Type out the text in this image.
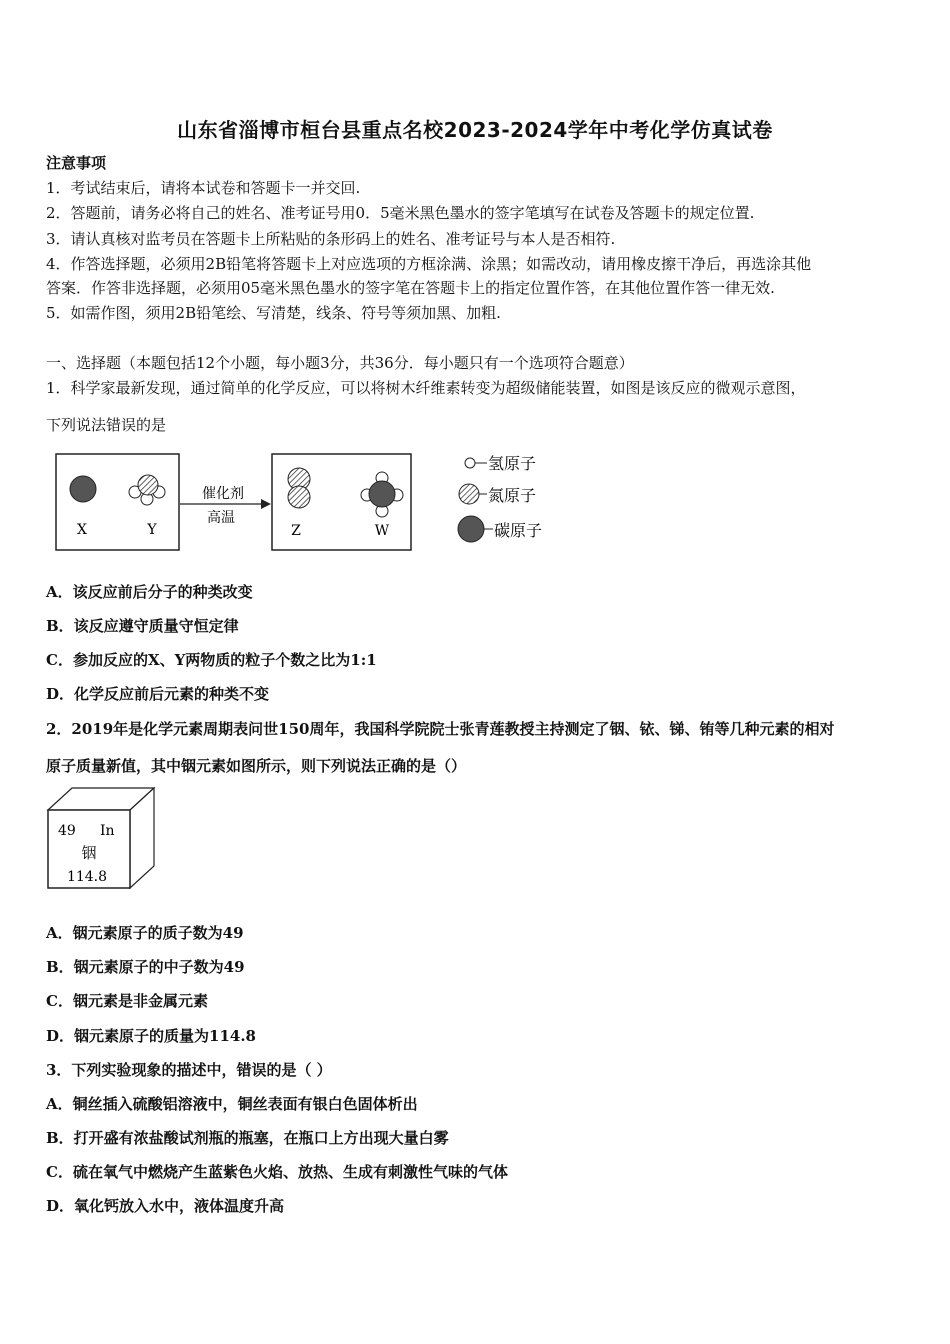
山东省淄博市桓台县重点名校2023-2024学年中考化学仿真试卷
注意事项
1．考试结束后，请将本试卷和答题卡一并交回.
2．答题前，请务必将自己的姓名、准考证号用0．5毫米黑色墨水的签字笔填写在试卷及答题卡的规定位置.
3．请认真核对监考员在答题卡上所粘贴的条形码上的姓名、准考证号与本人是否相符.
4．作答选择题，必须用2B铅笔将答题卡上对应选项的方框涂满、涂黑；如需改动，请用橡皮擦干净后，再选涂其他
答案．作答非选择题，必须用05毫米黑色墨水的签字笔在答题卡上的指定位置作答，在其他位置作答一律无效.
5．如需作图，须用2B铅笔绘、写清楚，线条、符号等须加黑、加粗.
一、选择题（本题包括12个小题，每小题3分，共36分．每小题只有一个选项符合题意）
1．科学家最新发现，通过简单的化学反应，可以将树木纤维素转变为超级储能装置，如图是该反应的微观示意图，
下列说法错误的是
X	Y
催化剂
高温
Z	W
氢原子
氮原子
碳原子
A．该反应前后分子的种类改变
B．该反应遵守质量守恒定律
C．参加反应的X、Y两物质的粒子个数之比为1:1
D．化学反应前后元素的种类不变
2．2019年是化学元素周期表问世150周年，我国科学院院士张青莲教授主持测定了铟、铱、锑、铕等几种元素的相对
原子质量新值，其中铟元素如图所示，则下列说法正确的是（）
49 In
铟
114.8
A．铟元素原子的质子数为49
B．铟元素原子的中子数为49
C．铟元素是非金属元素
D．铟元素原子的质量为114.8
3．下列实验现象的描述中，错误的是（ ）
A．铜丝插入硫酸铝溶液中，铜丝表面有银白色固体析出
B．打开盛有浓盐酸试剂瓶的瓶塞，在瓶口上方出现大量白雾
C．硫在氧气中燃烧产生蓝紫色火焰、放热、生成有刺激性气味的气体
D．氧化钙放入水中，液体温度升高
